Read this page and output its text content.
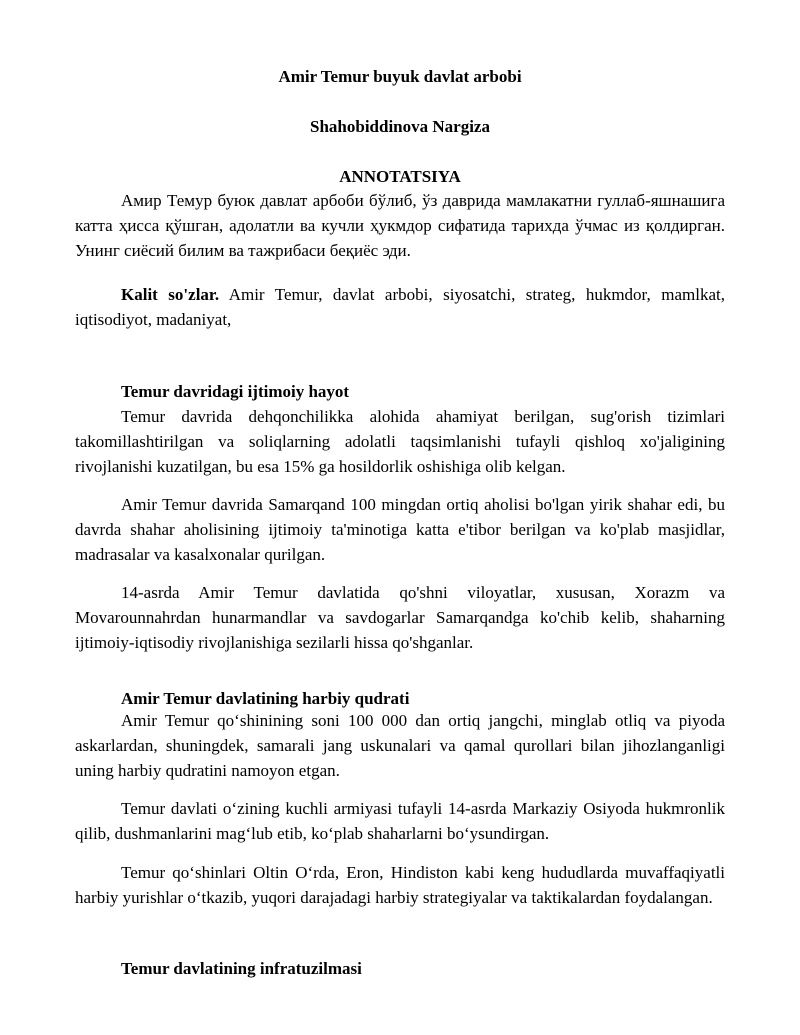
Amir Temur buyuk davlat arbobi
Shahobiddinova Nargiza
ANNOTATSIYA

Амир Темур буюк давлат арбоби бўлиб, ўз даврида мамлакатни гуллаб-яшнашига катта ҳисса қўшган, адолатли ва кучли ҳукмдор сифатида тарихда ўчмас из қолдирган. Унинг сиёсий билим ва тажрибаси беқиёс эди.

Kalit so'zlar. Amir Temur, davlat arbobi, siyosatchi, strateg, hukmdor, mamlkat, iqtisodiyot, madaniyat,

Temur davridagi ijtimoiy hayot

Temur davrida dehqonchilikka alohida ahamiyat berilgan, sug'orish tizimlari takomillashtirilgan va soliqlarning adolatli taqsimlanishi tufayli qishloq xo'jaligining rivojlanishi kuzatilgan, bu esa 15% ga hosildorlik oshishiga olib kelgan.

Amir Temur davrida Samarqand 100 mingdan ortiq aholisi bo'lgan yirik shahar edi, bu davrda shahar aholisining ijtimoiy ta'minotiga katta e'tibor berilgan va ko'plab masjidlar, madrasalar va kasalxonalar qurilgan.

14-asrda Amir Temur davlatida qo'shni viloyatlar, xususan, Xorazm va Movarounnahrdan hunarmandlar va savdogarlar Samarqandga ko'chib kelib, shaharning ijtimoiy-iqtisodiy rivojlanishiga sezilarli hissa qo'shganlar.

Amir Temur davlatining harbiy qudrati

Amir Temur qo‘shinining soni 100 000 dan ortiq jangchi, minglab otliq va piyoda askarlardan, shuningdek, samarali jang uskunalari va qamal qurollari bilan jihozlanganligi uning harbiy qudratini namoyon etgan.

Temur davlati o‘zining kuchli armiyasi tufayli 14-asrda Markaziy Osiyoda hukmronlik qilib, dushmanlarini mag‘lub etib, ko‘plab shaharlarni bo‘ysundirgan.

Temur qo‘shinlari Oltin O‘rda, Eron, Hindiston kabi keng hududlarda muvaffaqiyatli harbiy yurishlar o‘tkazib, yuqori darajadagi harbiy strategiyalar va taktikalardan foydalangan.

Temur davlatining infratuzilmasi
